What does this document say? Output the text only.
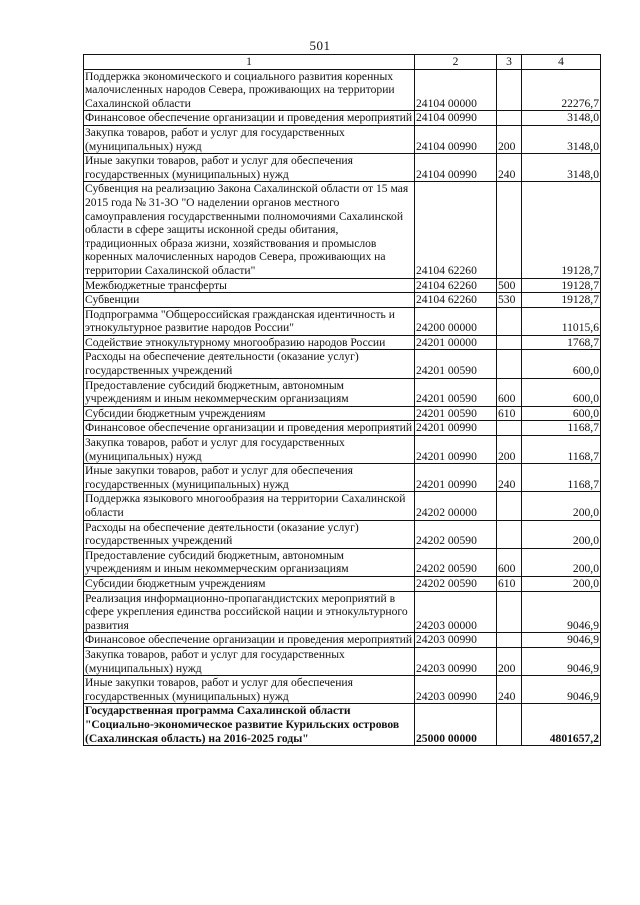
501
1	2	3	4
Поддержка экономического и социального развития коренных малочисленных народов Севера, проживающих на территории Сахалинской области	24104 00000		22276,7
Финансовое обеспечение организации и проведения мероприятий	24104 00990		3148,0
Закупка товаров, работ и услуг для государственных (муниципальных) нужд	24104 00990	200	3148,0
Иные закупки товаров, работ и услуг для обеспечения государственных (муниципальных) нужд	24104 00990	240	3148,0
Субвенция на реализацию Закона Сахалинской области от 15 мая 2015 года № 31-ЗО "О наделении органов местного самоуправления государственными полномочиями Сахалинской области в сфере защиты исконной среды обитания, традиционных образа жизни, хозяйствования и промыслов коренных малочисленных народов Севера, проживающих на территории Сахалинской области"	24104 62260		19128,7
Межбюджетные трансферты	24104 62260	500	19128,7
Субвенции	24104 62260	530	19128,7
Подпрограмма "Общероссийская гражданская идентичность и этнокультурное развитие народов России"	24200 00000		11015,6
Содействие этнокультурному многообразию народов России	24201 00000		1768,7
Расходы на обеспечение деятельности (оказание услуг) государственных учреждений	24201 00590		600,0
Предоставление субсидий бюджетным, автономным учреждениям и иным некоммерческим организациям	24201 00590	600	600,0
Субсидии бюджетным учреждениям	24201 00590	610	600,0
Финансовое обеспечение организации и проведения мероприятий	24201 00990		1168,7
Закупка товаров, работ и услуг для государственных (муниципальных) нужд	24201 00990	200	1168,7
Иные закупки товаров, работ и услуг для обеспечения государственных (муниципальных) нужд	24201 00990	240	1168,7
Поддержка языкового многообразия на территории Сахалинской области	24202 00000		200,0
Расходы на обеспечение деятельности (оказание услуг) государственных учреждений	24202 00590		200,0
Предоставление субсидий бюджетным, автономным учреждениям и иным некоммерческим организациям	24202 00590	600	200,0
Субсидии бюджетным учреждениям	24202 00590	610	200,0
Реализация информационно-пропагандистских мероприятий в сфере укрепления единства российской нации и этнокультурного развития	24203 00000		9046,9
Финансовое обеспечение организации и проведения мероприятий	24203 00990		9046,9
Закупка товаров, работ и услуг для государственных (муниципальных) нужд	24203 00990	200	9046,9
Иные закупки товаров, работ и услуг для обеспечения государственных (муниципальных) нужд	24203 00990	240	9046,9
Государственная программа Сахалинской области "Социально-экономическое развитие Курильских островов (Сахалинская область) на 2016-2025 годы"	25000 00000		4801657,2
